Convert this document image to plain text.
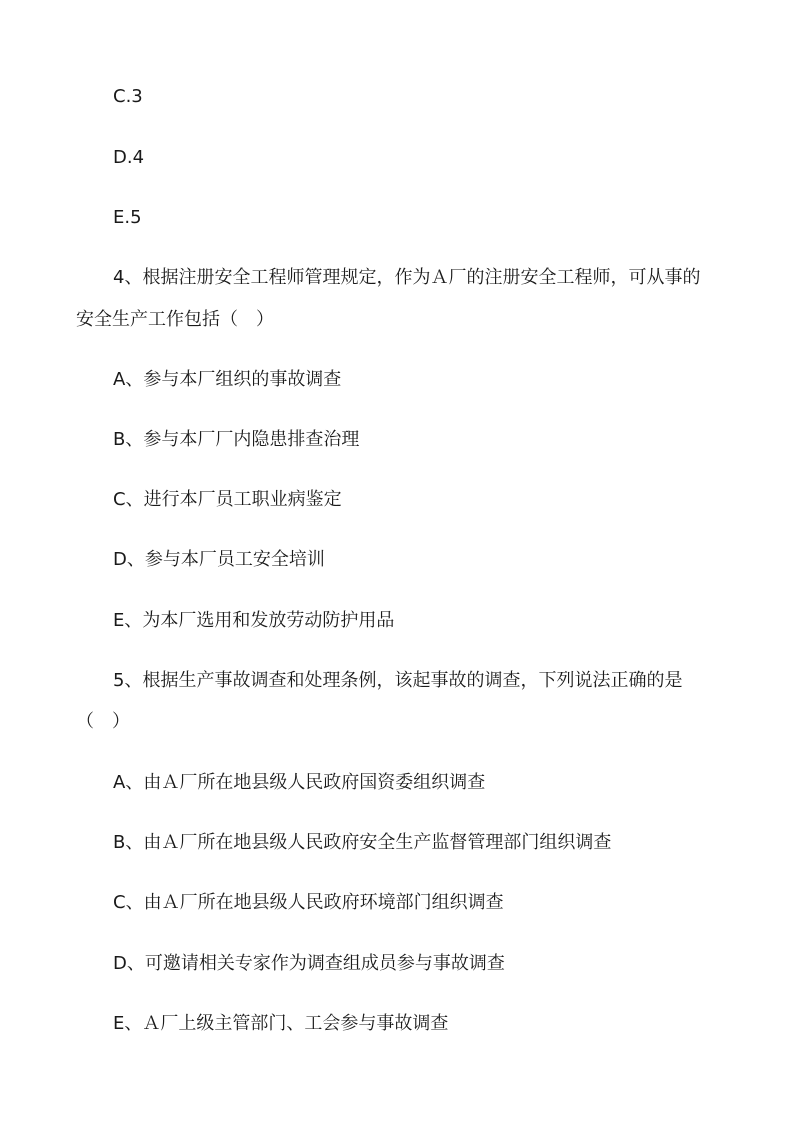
C.3
D.4
E.5
4、根据注册安全工程师管理规定，作为Ａ厂的注册安全工程师，可从事的
安全生产工作包括（　）
A、参与本厂组织的事故调查
B、参与本厂厂内隐患排查治理
C、进行本厂员工职业病鉴定
D、参与本厂员工安全培训
E、为本厂选用和发放劳动防护用品
5、根据生产事故调查和处理条例，该起事故的调查，下列说法正确的是
（　）
A、由Ａ厂所在地县级人民政府国资委组织调查
B、由Ａ厂所在地县级人民政府安全生产监督管理部门组织调查
C、由Ａ厂所在地县级人民政府环境部门组织调查
D、可邀请相关专家作为调查组成员参与事故调查
E、Ａ厂上级主管部门、工会参与事故调查
